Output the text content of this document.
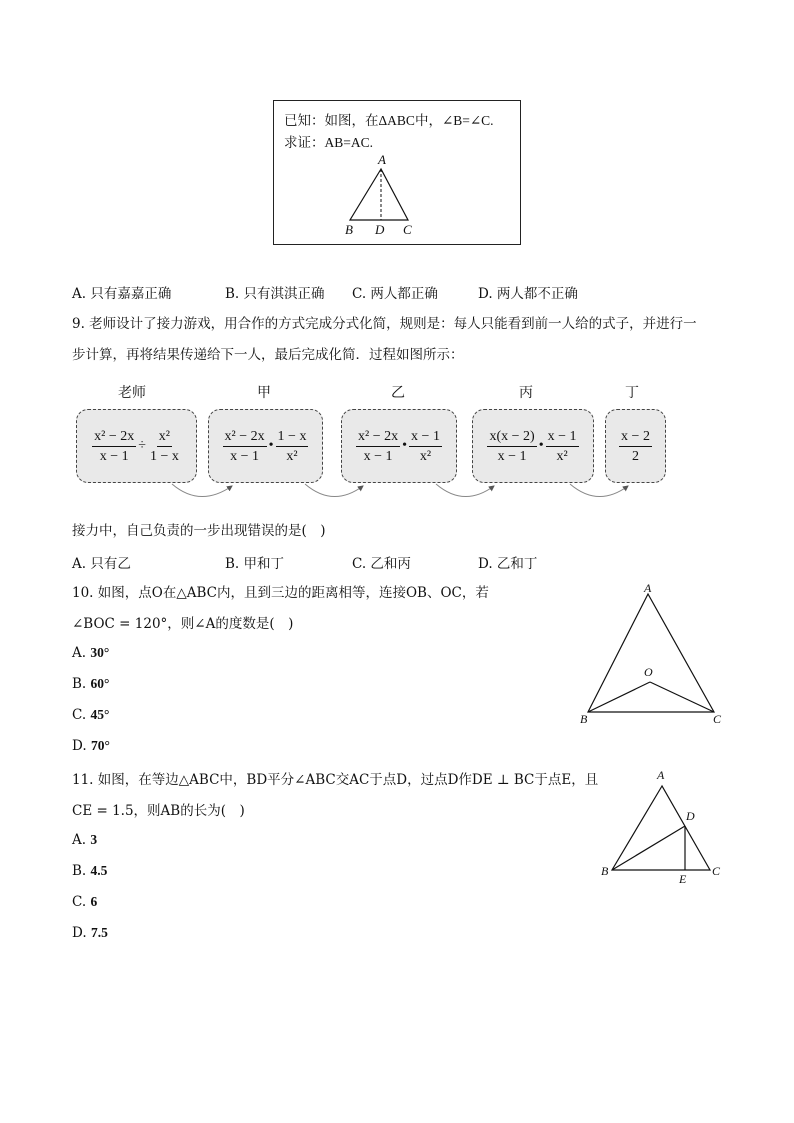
已知：如图，在ΔABC中，∠B=∠C.
求证：AB=AC.
A
B D C
A. 只有嘉嘉正确	B. 只有淇淇正确 C. 两人都正确	D. 两人都不正确
9. 老师设计了接力游戏，用合作的方式完成分式化简，规则是：每人只能看到前一人给的式子，并进行一
步计算，再将结果传递给下一人，最后完成化简．过程如图所示：
老师	甲	乙	丙	丁
$\frac{\text{x² − 2x}}{x - 1} \div \frac{\text{x²}}{1 - x}$	$\frac{\text{x² − 2x}}{x - 1}$ • $\frac{1 - x}{\text{x²}}$	$\frac{\text{x² − 2x}}{x - 1}$ • $\frac{x - 1}{\text{x²}}$	$\frac{x(x - 2)}{x - 1}$ • $\frac{x - 1}{\text{x²}}$	$\frac{x - 2}{2}$
接力中，自己负责的一步出现错误的是(　)
A. 只有乙	B. 甲和丁	C. 乙和丙	D. 乙和丁
10. 如图，点O在△ABC内，且到三边的距离相等，连接OB、OC，若
∠BOC = 120°，则∠A的度数是(　)
A. 30°
B. 60°
C. 45°
D. 70°
A
O
B	C
11. 如图，在等边△ABC中，BD平分∠ABC交AC于点D，过点D作DE ⊥ BC于点E，且
CE = 1.5，则AB的长为(　)
A. 3
B. 4.5
C. 6
D. 7.5
A
D
B
E
C
